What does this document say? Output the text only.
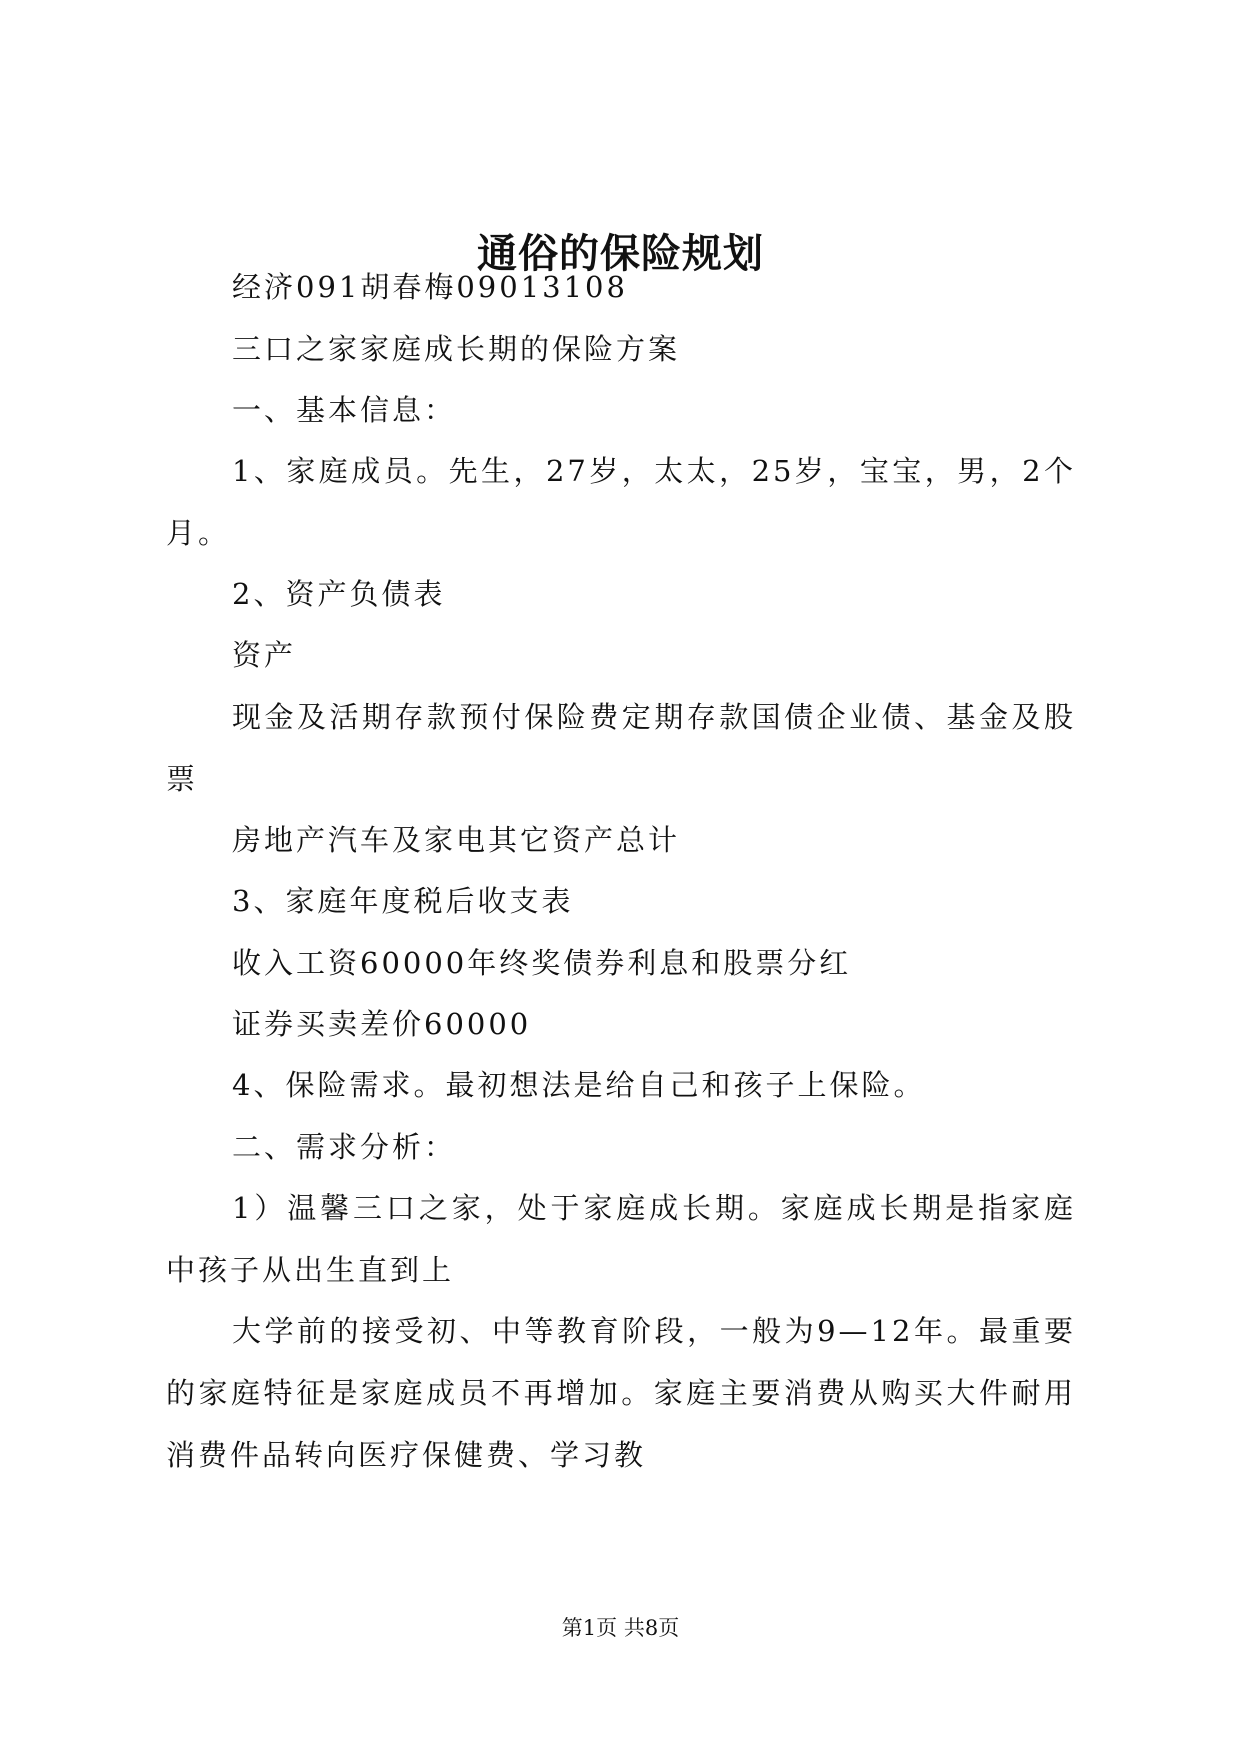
通俗的保险规划

经济091胡春梅09013108

三口之家家庭成长期的保险方案

一、基本信息：

1、家庭成员。先生，27岁，太太，25岁，宝宝，男，2个月。

2、资产负债表

资产

现金及活期存款预付保险费定期存款国债企业债、基金及股票

房地产汽车及家电其它资产总计

3、家庭年度税后收支表

收入工资60000年终奖债券利息和股票分红

证券买卖差价60000

4、保险需求。最初想法是给自己和孩子上保险。

二、需求分析：

1）温馨三口之家，处于家庭成长期。家庭成长期是指家庭中孩子从出生直到上

大学前的接受初、中等教育阶段，一般为9—12年。最重要的家庭特征是家庭成员不再增加。家庭主要消费从购买大件耐用消费件品转向医疗保健费、学习教

第1页 共8页
